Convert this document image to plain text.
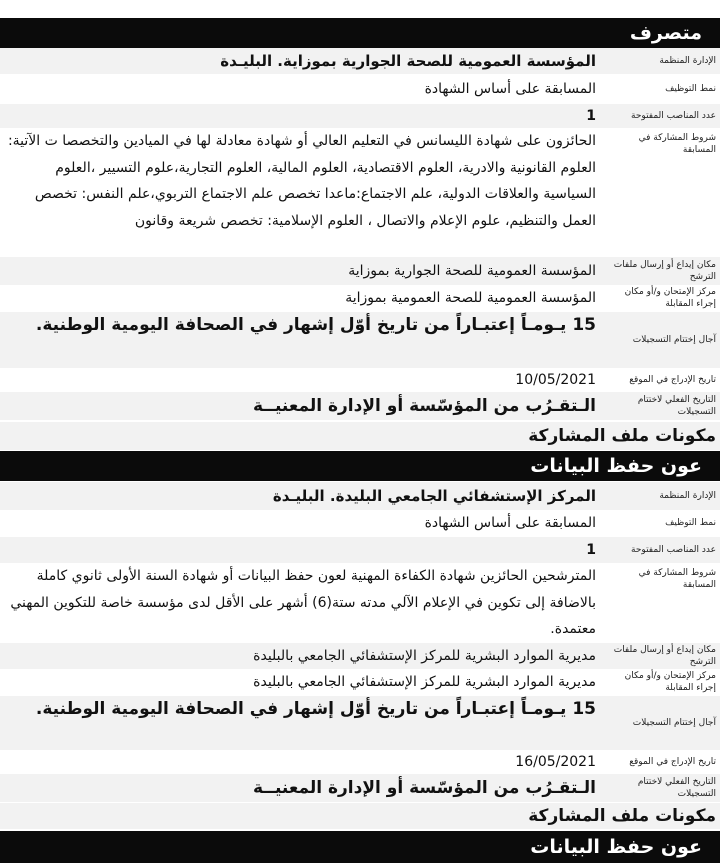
متصرف
الإدارة المنظمة
المؤسسة العمومية للصحة الجوارية بموزاية. البليـدة
نمط التوظيف
المسابقة على أساس الشهادة
عدد المناصب المفتوحة
1
شروط المشاركة في المسابقة
الحائزون على شهادة الليسانس في التعليم العالي أو شهادة معادلة لها في الميادين والتخصصا ت الآتية: العلوم القانونية والادرية، العلوم الاقتصادية، العلوم المالية، العلوم التجارية،علوم التسيير ،العلوم السياسية والعلاقات الدولية، علم الاجتماع:ماعدا تخصص علم الاجتماع التربوي،علم النفس: تخصص العمل والتنظيم، علوم الإعلام والاتصال ، العلوم الإسلامية: تخصص شريعة وقانون
مكان إيداع أو إرسال ملفات الترشح
المؤسسة العمومية للصحة الجوارية بموزاية
مركز الإمتحان و/أو مكان إجراء المقابلة
المؤسسة العمومية للصحة العمومية بموزاية
آجال إختتام التسجيلات
15 يـومـاً إعتبـاراً من تاريخ أوّل إشهار في الصحافة اليومية الوطنية.
تاريخ الإدراج في الموقع
10/05/2021
التاريخ الفعلي لاختتام التسجيلات
الـتقـرُب من المؤسّسة أو الإدارة المعنيــة
مكونات ملف المشاركة
عون حفظ البيانات
الإدارة المنظمة
المركز الإستشفائي الجامعي البليدة. البليـدة
نمط التوظيف
المسابقة على أساس الشهادة
عدد المناصب المفتوحة
1
شروط المشاركة في المسابقة
المترشحين الحائزين شهادة الكفاءة المهنية لعون حفظ البيانات أو شهادة السنة الأولى ثانوي كاملة بالاضافة إلى تكوين في الإعلام الآلي مدته ستة(6) أشهر على الأقل لدى مؤسسة خاصة للتكوين المهني معتمدة.
مكان إيداع أو إرسال ملفات الترشح
مديرية الموارد البشرية للمركز الإستشفائي الجامعي بالبليدة
مركز الإمتحان و/أو مكان إجراء المقابلة
مديرية الموارد البشرية للمركز الإستشفائي الجامعي بالبليدة
آجال إختتام التسجيلات
15 يـومـاً إعتبـاراً من تاريخ أوّل إشهار في الصحافة اليومية الوطنية.
تاريخ الإدراج في الموقع
16/05/2021
التاريخ الفعلي لاختتام التسجيلات
الـتقـرُب من المؤسّسة أو الإدارة المعنيــة
مكونات ملف المشاركة
عون حفظ البيانات
